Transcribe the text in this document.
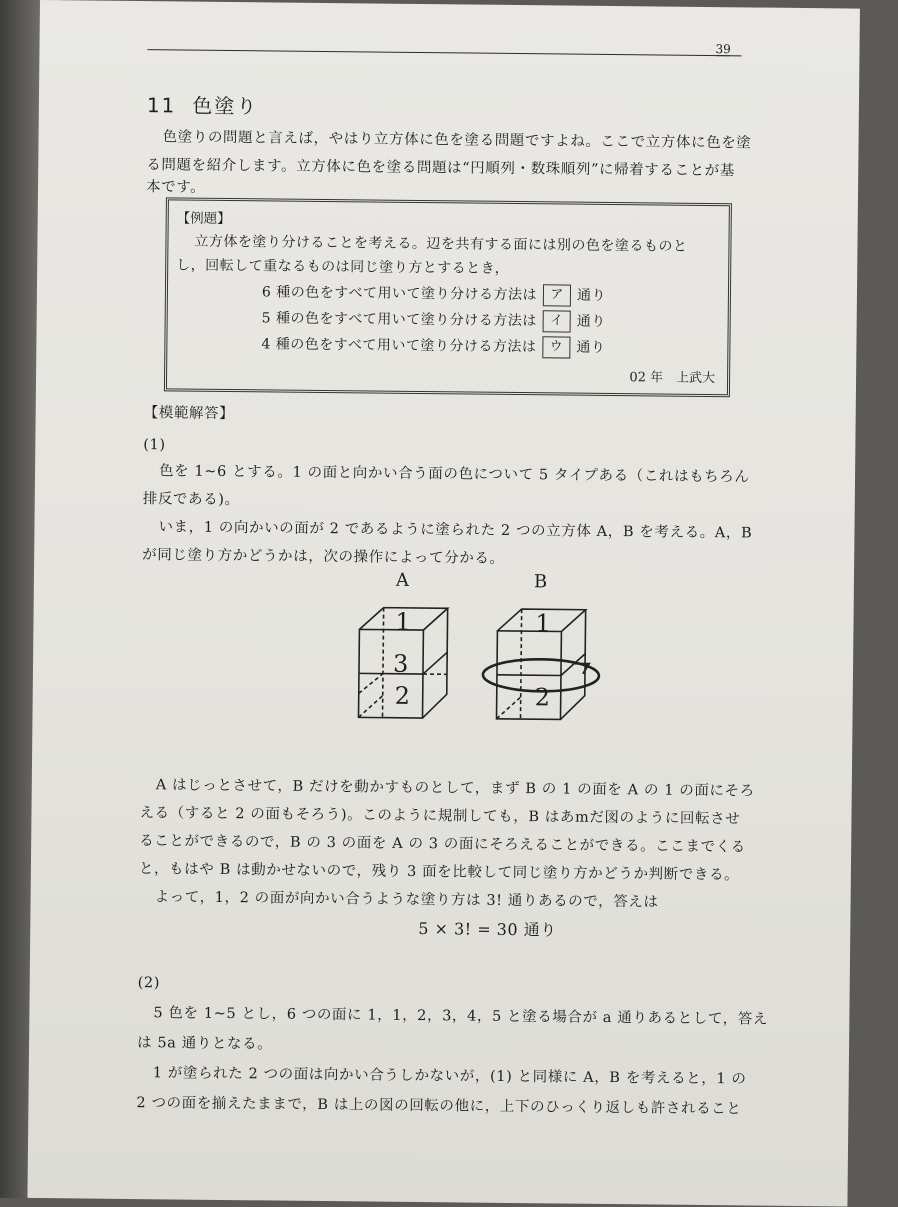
39
11 色塗り
色塗りの問題と言えば，やはり立方体に色を塗る問題ですよね。ここで立方体に色を塗
る問題を紹介します。立方体に色を塗る問題は“円順列・数珠順列”に帰着することが基
本です。
【例題】
立方体を塗り分けることを考える。辺を共有する面には別の色を塗るものと
し，回転して重なるものは同じ塗り方とするとき，
6 種の色をすべて用いて塗り分ける方法は ア 通り
5 種の色をすべて用いて塗り分ける方法は イ 通り
4 種の色をすべて用いて塗り分ける方法は ウ 通り
02 年　上武大
【模範解答】
(1)
色を 1~6 とする。1 の面と向かい合う面の色について 5 タイプある（これはもちろん
排反である)。
いま，1 の向かいの面が 2 であるように塗られた 2 つの立方体 A，B を考える。A，B
が同じ塗り方かどうかは，次の操作によって分かる。
A	B
1
3
2
1
2
A はじっとさせて，B だけを動かすものとして，まず B の 1 の面を A の 1 の面にそろ
える（すると 2 の面もそろう)。このように規制しても，B はあmだ図のように回転させ
ることができるので，B の 3 の面を A の 3 の面にそろえることができる。ここまでくる
と，もはや B は動かせないので，残り 3 面を比較して同じ塗り方かどうか判断できる。
よって，1，2 の面が向かい合うような塗り方は 3! 通りあるので，答えは
5 × 3! = 30 通り
(2)
5 色を 1~5 とし，6 つの面に 1，1，2，3，4，5 と塗る場合が a 通りあるとして，答え
は 5a 通りとなる。
1 が塗られた 2 つの面は向かい合うしかないが，(1) と同様に A，B を考えると，1 の
2 つの面を揃えたままで，B は上の図の回転の他に，上下のひっくり返しも許されること
